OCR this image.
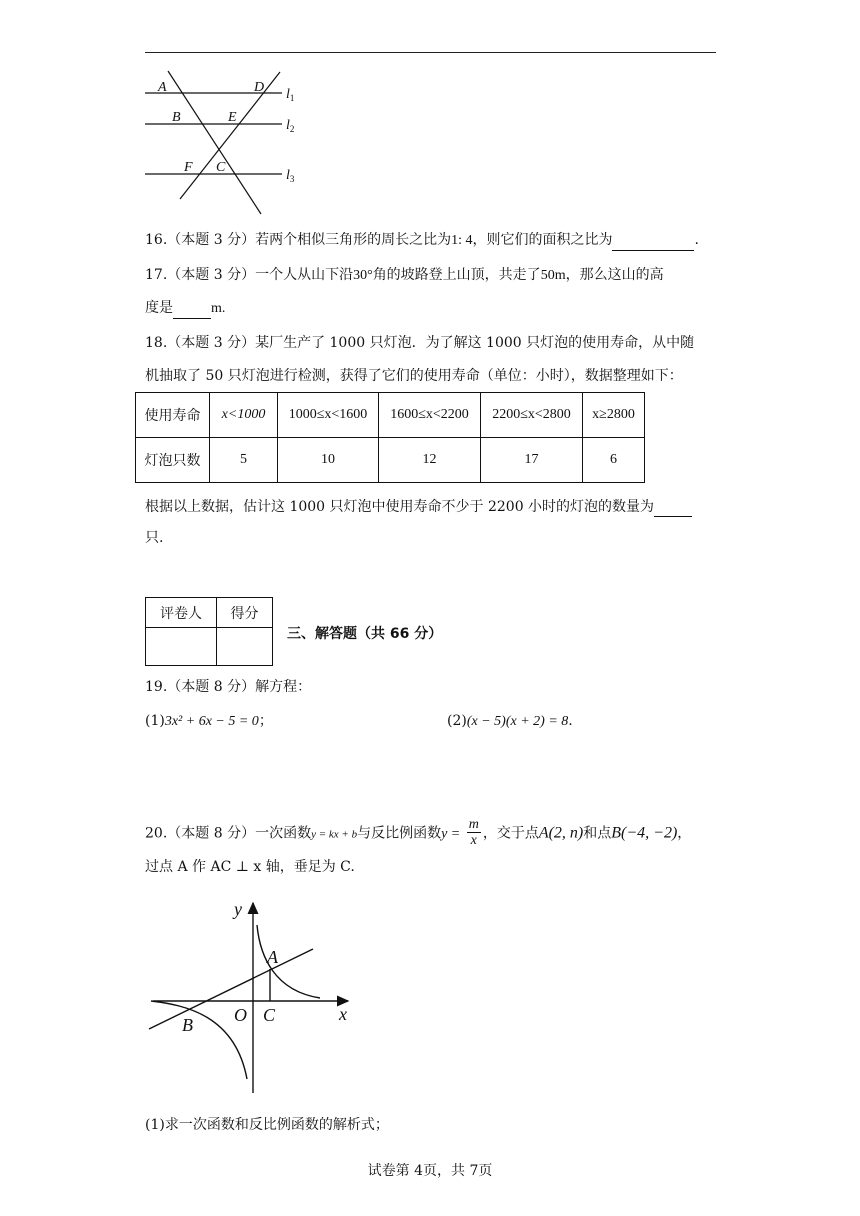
A	D
B	E
F C
$l_1$
$l_2$
$l_3$
16.（本题 3 分）若两个相似三角形的周长之比为1: 4，则它们的面积之比为	.
17.（本题 3 分）一个人从山下沿30°角的坡路登上山顶，共走了50m，那么这山的高
度是	m.
18.（本题 3 分）某厂生产了 1000 只灯泡．为了解这 1000 只灯泡的使用寿命，从中随
机抽取了 50 只灯泡进行检测，获得了它们的使用寿命（单位：小时），数据整理如下：
使用寿命	x<1000	1000≤x<1600	1600≤x<2200	2200≤x<2800	x≥2800
灯泡只数	5	10	12	17	6
根据以上数据，估计这 1000 只灯泡中使用寿命不少于 2200 小时的灯泡的数量为
只.
评卷人	得分

三、解答题（共 66 分）
19.（本题 8 分）解方程：
(1)3x² + 6x − 5 = 0；	(2)(x − 5)(x + 2) = 8.
20.（本题 8 分）一次函数y = kx + b与反比例函数$y = \frac{m}{x}$ ，交于点A(2, n)和点B(−4, −2)，
过点 A 作 AC ⊥ x 轴，垂足为 C.
y
x
A
B O C
(1)求一次函数和反比例函数的解析式；
试卷第 4页，共 7页
